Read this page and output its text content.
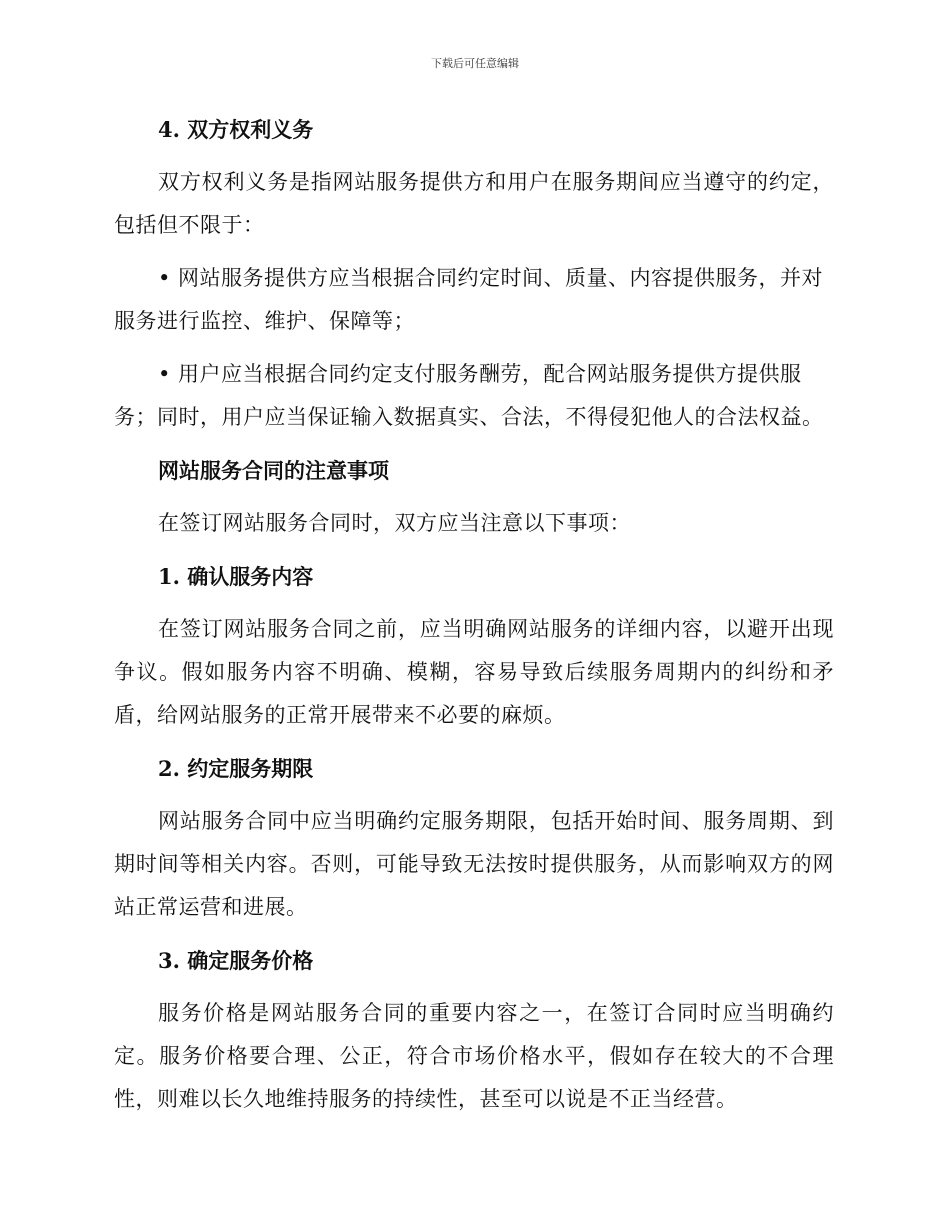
下载后可任意编辑
4. 双方权利义务
双方权利义务是指网站服务提供方和用户在服务期间应当遵守的约定，包括但不限于：
• 网站服务提供方应当根据合同约定时间、质量、内容提供服务，并对
服务进行监控、维护、保障等；
• 用户应当根据合同约定支付服务酬劳，配合网站服务提供方提供服
务；同时，用户应当保证输入数据真实、合法，不得侵犯他人的合法权益。
网站服务合同的注意事项
在签订网站服务合同时，双方应当注意以下事项：
1. 确认服务内容
在签订网站服务合同之前，应当明确网站服务的详细内容，以避开出现争议。假如服务内容不明确、模糊，容易导致后续服务周期内的纠纷和矛盾，给网站服务的正常开展带来不必要的麻烦。
2. 约定服务期限
网站服务合同中应当明确约定服务期限，包括开始时间、服务周期、到期时间等相关内容。否则，可能导致无法按时提供服务，从而影响双方的网站正常运营和进展。
3. 确定服务价格
服务价格是网站服务合同的重要内容之一，在签订合同时应当明确约定。服务价格要合理、公正，符合市场价格水平，假如存在较大的不合理性，则难以长久地维持服务的持续性，甚至可以说是不正当经营。
